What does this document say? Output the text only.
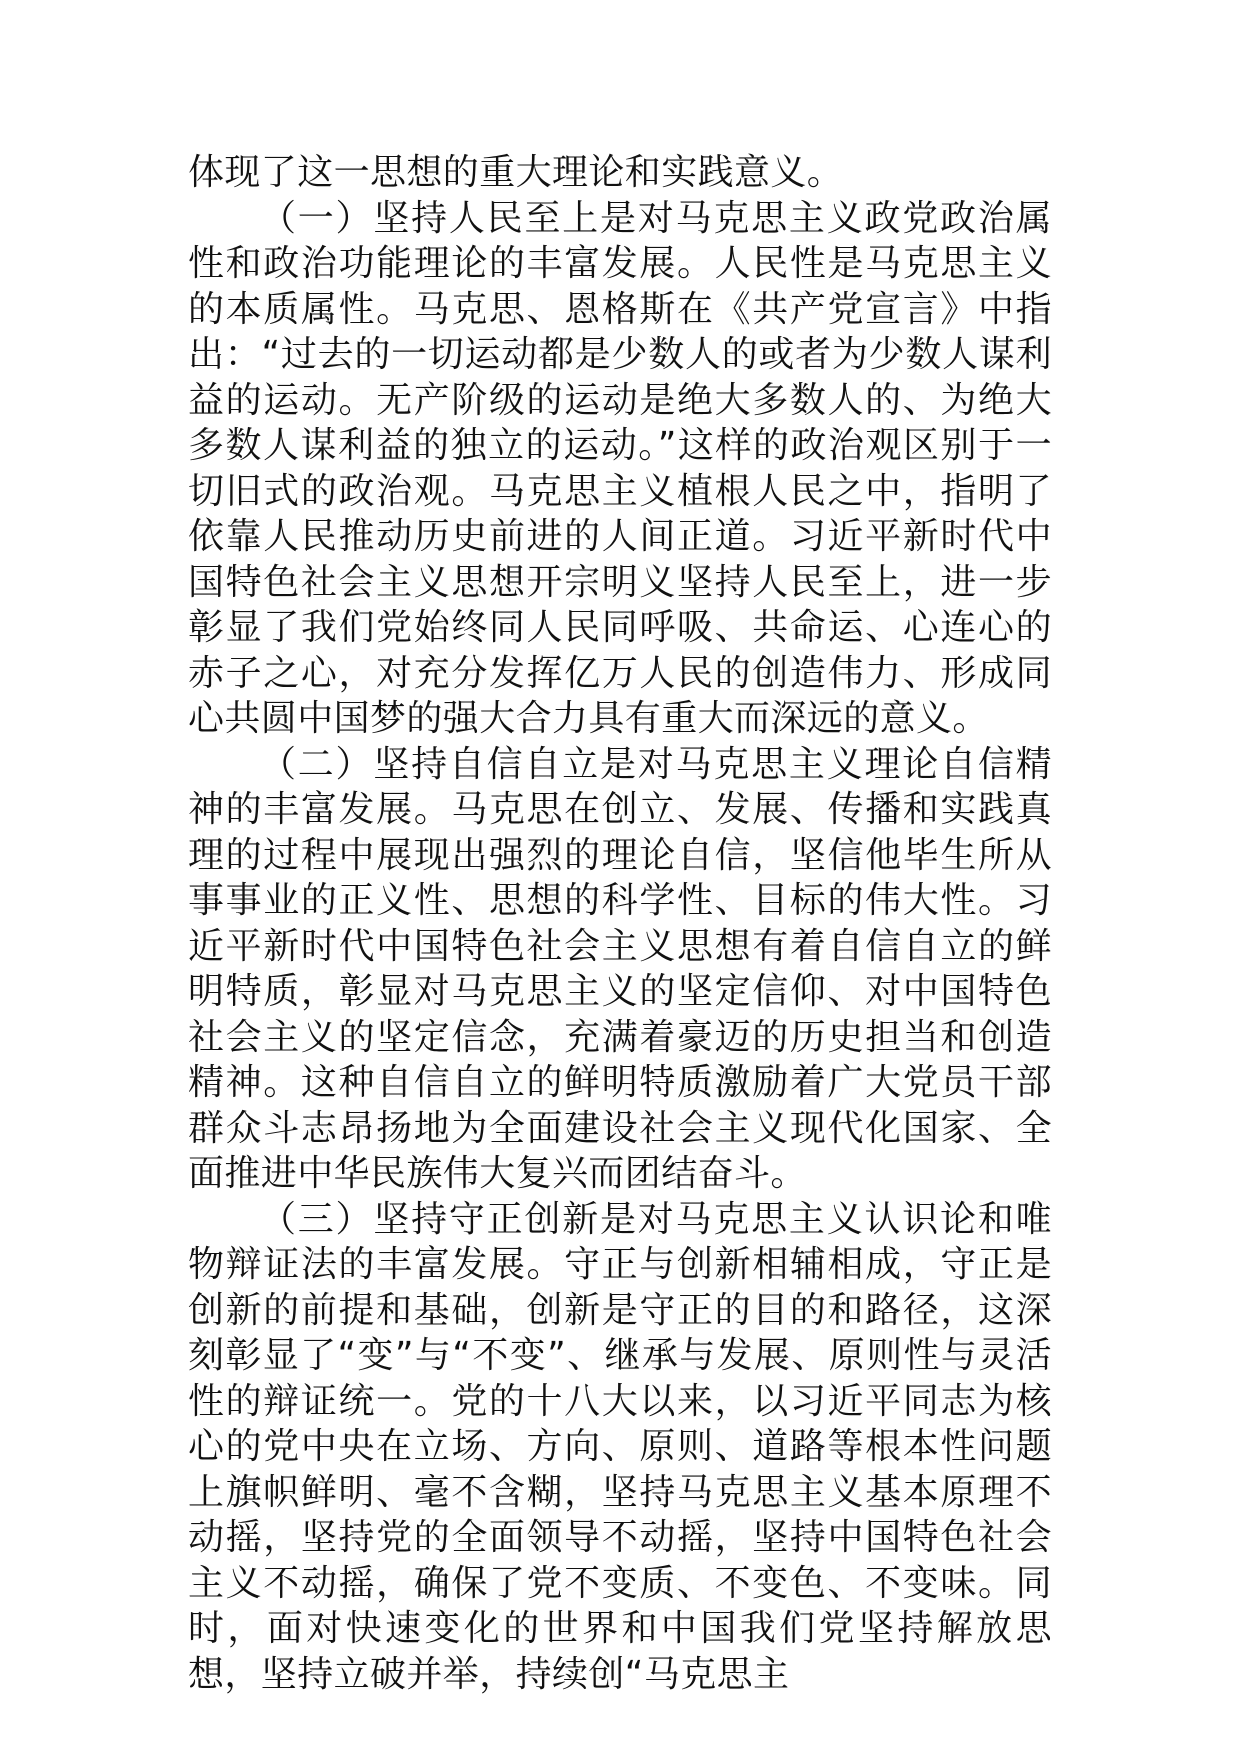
体现了这一思想的重大理论和实践意义。

（一）坚持人民至上是对马克思主义政党政治属性和政治功能理论的丰富发展。人民性是马克思主义的本质属性。马克思、恩格斯在《共产党宣言》中指出：“过去的一切运动都是少数人的或者为少数人谋利益的运动。无产阶级的运动是绝大多数人的、为绝大多数人谋利益的独立的运动。”这样的政治观区别于一切旧式的政治观。马克思主义植根人民之中，指明了依靠人民推动历史前进的人间正道。习近平新时代中国特色社会主义思想开宗明义坚持人民至上，进一步彰显了我们党始终同人民同呼吸、共命运、心连心的赤子之心，对充分发挥亿万人民的创造伟力、形成同心共圆中国梦的强大合力具有重大而深远的意义。

（二）坚持自信自立是对马克思主义理论自信精神的丰富发展。马克思在创立、发展、传播和实践真理的过程中展现出强烈的理论自信，坚信他毕生所从事事业的正义性、思想的科学性、目标的伟大性。习近平新时代中国特色社会主义思想有着自信自立的鲜明特质，彰显对马克思主义的坚定信仰、对中国特色社会主义的坚定信念，充满着豪迈的历史担当和创造精神。这种自信自立的鲜明特质激励着广大党员干部群众斗志昂扬地为全面建设社会主义现代化国家、全面推进中华民族伟大复兴而团结奋斗。

（三）坚持守正创新是对马克思主义认识论和唯物辩证法的丰富发展。守正与创新相辅相成，守正是创新的前提和基础，创新是守正的目的和路径，这深刻彰显了“变”与“不变”、继承与发展、原则性与灵活性的辩证统一。党的十八大以来，以习近平同志为核心的党中央在立场、方向、原则、道路等根本性问题上旗帜鲜明、毫不含糊，坚持马克思主义基本原理不动摇，坚持党的全面领导不动摇，坚持中国特色社会主义不动摇，确保了党不变质、不变色、不变味。同时，面对快速变化的世界和中国我们党坚持解放思想，坚持立破并举，持续创“马克思主
